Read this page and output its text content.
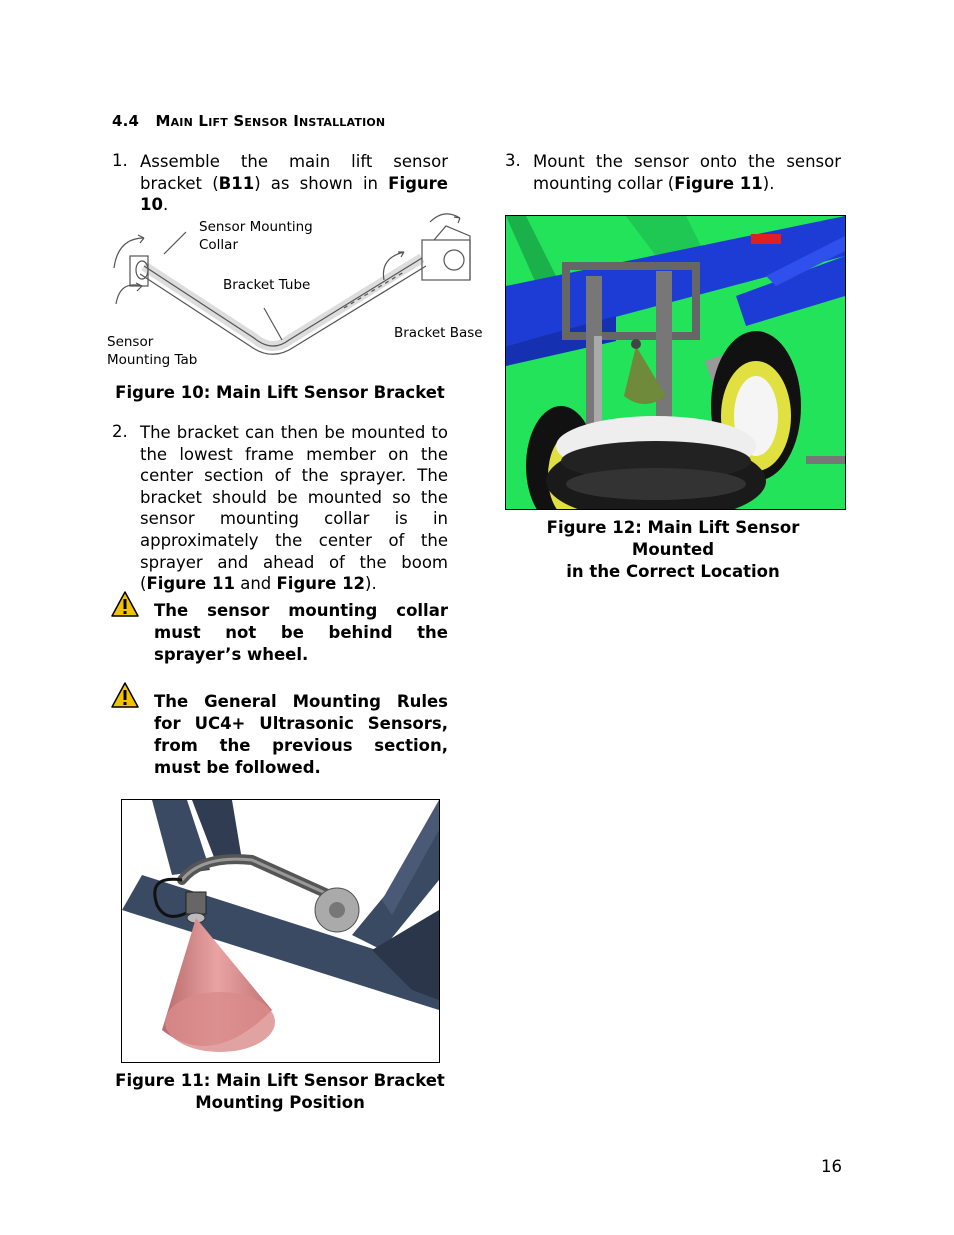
4.4 Main Lift Sensor Installation
1. Assemble the main lift sensor bracket (B11) as shown in Figure 10.
Sensor Mounting
Collar
Bracket Tube
Bracket Base
Sensor
Mounting Tab
Figure 10: Main Lift Sensor Bracket
2. The bracket can then be mounted to the lowest frame member on the center section of the sprayer. The bracket should be mounted so the sensor mounting collar is in approximately the center of the sprayer and ahead of the boom (Figure 11 and Figure 12).
The sensor mounting collar must not be behind the sprayer’s wheel.
The General Mounting Rules for UC4+ Ultrasonic Sensors, from the previous section, must be followed.
Figure 11: Main Lift Sensor Bracket
Mounting Position
3. Mount the sensor onto the sensor mounting collar (Figure 11).
Figure 12: Main Lift Sensor Mounted
in the Correct Location
16
